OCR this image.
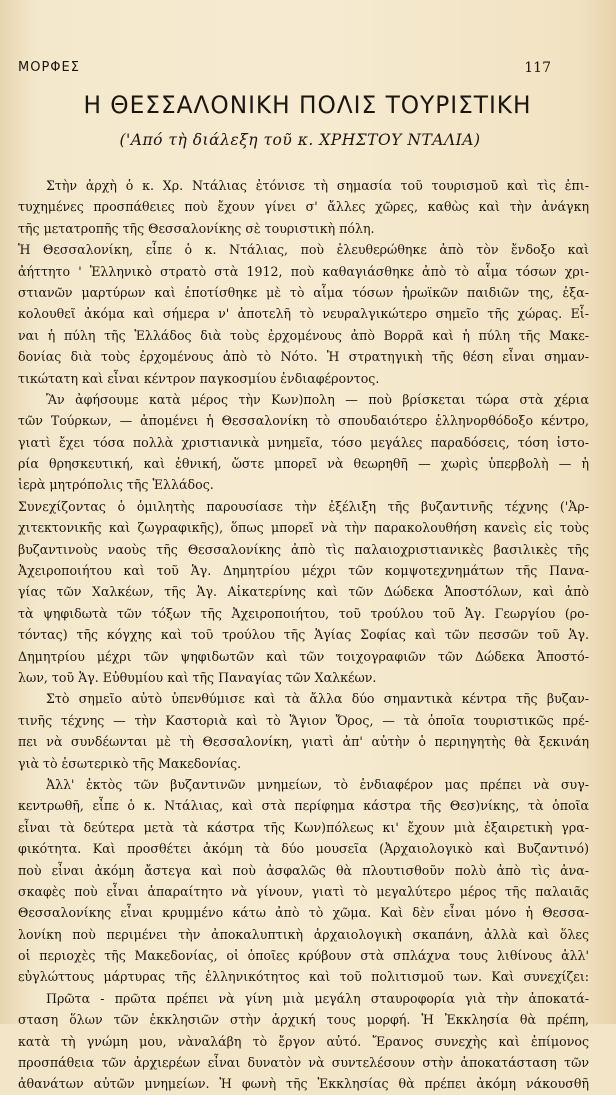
ΜΟΡΦΕΣ	117
Η ΘΕΣΣΑΛΟΝΙΚΗ ΠΟΛΙΣ ΤΟΥΡΙΣΤΙΚΗ
('Από τὴ διάλεξη τοῦ κ. ΧΡΗΣΤΟΥ ΝΤΑΛΙΑ)
Στὴν ἀρχὴ ὁ κ. Χρ. Ντάλιας ἐτόνισε τὴ σημασία τοῦ τουρισμοῦ καὶ τὶς ἐπι-
τυχημένες προσπάθειες ποὺ ἔχουν γίνει σ' ἄλλες χῶρες, καθὼς καὶ τὴν ἀνάγκη
τῆς μετατροπῆς τῆς Θεσσαλονίκης σὲ τουριστικὴ πόλη.
Ἡ Θεσσαλονίκη, εἶπε ὁ κ. Ντάλιας, ποὺ ἐλευθερώθηκε ἀπὸ τὸν ἔνδοξο καὶ
ἀήττητο ' Ἑλληνικὸ στρατὸ στὰ 1912, ποὺ καθαγιάσθηκε ἀπὸ τὸ αἷμα τόσων χρι-
στιανῶν μαρτύρων καὶ ἐποτίσθηκε μὲ τὸ αἷμα τόσων ἡρωϊκῶν παιδιῶν της, ἐξα-
κολουθεῖ ἀκόμα καὶ σήμερα ν' ἀποτελῆ τὸ νευραλγικώτερο σημεῖο τῆς χώρας. Εἶ-
ναι ἡ πύλη τῆς Ἑλλάδος διὰ τοὺς ἐρχομένους ἀπὸ Βορρᾶ καὶ ἡ πύλη τῆς Μακε-
δονίας διὰ τοὺς ἐρχομένους ἀπὸ τὸ Νότο. Ἡ στρατηγικὴ τῆς θέση εἶναι σημαν-
τικώτατη καὶ εἶναι κέντρον παγκοσμίου ἐνδιαφέροντος.
Ἂν ἀφήσουμε κατὰ μέρος τὴν Κων)πολη — ποὺ βρίσκεται τώρα στὰ χέρια
τῶν Τούρκων, — ἀπομένει ἡ Θεσσαλονίκη τὸ σπουδαιότερο ἑλληνορθόδοξο κέντρο,
γιατὶ ἔχει τόσα πολλὰ χριστιανικὰ μνημεῖα, τόσο μεγάλες παραδόσεις, τόση ἱστο-
ρία θρησκευτική, καὶ ἐθνική, ὥστε μπορεῖ νὰ θεωρηθῆ — χωρὶς ὑπερβολὴ — ἡ
ἱερὰ μητρόπολις τῆς Ἑλλάδος.
Συνεχίζοντας ὁ ὁμιλητὴς παρουσίασε τὴν ἐξέλιξη τῆς βυζαντινῆς τέχνης ('Ἀρ-
χιτεκτονικῆς καὶ ζωγραφικῆς), ὅπως μπορεῖ νὰ τὴν παρακολουθήση κανεὶς εἰς τοὺς
βυζαντινοὺς ναοὺς τῆς Θεσσαλονίκης ἀπὸ τὶς παλαιοχριστιανικὲς βασιλικὲς τῆς
Ἀχειροποιήτου καὶ τοῦ Ἁγ. Δημητρίου μέχρι τῶν κομψοτεχνημάτων τῆς Πανα-
γίας τῶν Χαλκέων, τῆς Ἁγ. Αἰκατερίνης καὶ τῶν Δώδεκα Ἀποστόλων, καὶ ἀπὸ
τὰ ψηφιδωτὰ τῶν τόξων τῆς Ἀχειροποιήτου, τοῦ τρούλου τοῦ Ἁγ. Γεωργίου (ρο-
τόντας) τῆς κόγχης καὶ τοῦ τρούλου τῆς Ἁγίας Σοφίας καὶ τῶν πεσσῶν τοῦ Ἁγ.
Δημητρίου μέχρι τῶν ψηφιδωτῶν καὶ τῶν τοιχογραφιῶν τῶν Δώδεκα Ἀποστό-
λων, τοῦ Ἁγ. Εὐθυμίου καὶ τῆς Παναγίας τῶν Χαλκέων.
Στὸ σημεῖο αὐτὸ ὑπενθύμισε καὶ τὰ ἄλλα δύο σημαντικὰ κέντρα τῆς βυζαν-
τινῆς τέχνης — τὴν Καστοριὰ καὶ τὸ Ἅγιον Ὄρος, — τὰ ὁποῖα τουριστικῶς πρέ-
πει νὰ συνδέωνται μὲ τὴ Θεσσαλονίκη, γιατὶ ἀπ' αὐτὴν ὁ περιηγητὴς θὰ ξεκινάη
γιὰ τὸ ἐσωτερικὸ τῆς Μακεδονίας.
Ἀλλ' ἐκτὸς τῶν βυζαντινῶν μνημείων, τὸ ἐνδιαφέρον μας πρέπει νὰ συγ-
κεντρωθῆ, εἶπε ὁ κ. Ντάλιας, καὶ στὰ περίφημα κάστρα τῆς Θεσ)νίκης, τὰ ὁποῖα
εἶναι τὰ δεύτερα μετὰ τὰ κάστρα τῆς Κων)πόλεως κι' ἔχουν μιὰ ἐξαιρετικὴ γρα-
φικότητα. Καὶ προσθέτει ἀκόμη τὰ δύο μουσεῖα (Ἀρχαιολογικὸ καὶ Βυζαντινό)
ποὺ εἶναι ἀκόμη ἄστεγα καὶ ποὺ ἀσφαλῶς θὰ πλουτισθοῦν πολὺ ἀπὸ τὶς ἀνα-
σκαφὲς ποὺ εἶναι ἀπαραίτητο νὰ γίνουν, γιατὶ τὸ μεγαλύτερο μέρος τῆς παλαιᾶς
Θεσσαλονίκης εἶναι κρυμμένο κάτω ἀπὸ τὸ χῶμα. Καὶ δὲν εἶναι μόνο ἡ Θεσσα-
λονίκη ποὺ περιμένει τὴν ἀποκαλυπτικὴ ἀρχαιολογικὴ σκαπάνη, ἀλλὰ καὶ ὅλες
οἱ περιοχὲς τῆς Μακεδονίας, οἱ ὁποῖες κρύβουν στὰ σπλάχνα τους λιθίνους ἀλλ'
εὐγλώττους μάρτυρας τῆς ἑλληνικότητος καὶ τοῦ πολιτισμοῦ των. Καὶ συνεχίζει:
Πρῶτα - πρῶτα πρέπει νὰ γίνη μιὰ μεγάλη σταυροφορία γιὰ τὴν ἀποκατά-
σταση ὅλων τῶν ἐκκλησιῶν στὴν ἀρχική τους μορφή. Ἡ Ἐκκλησία θὰ πρέπη,
κατὰ τὴ γνώμη μου, νὰναλάβη τὸ ἔργον αὐτό. Ἔρανος συνεχὴς καὶ ἐπίμονος
προσπάθεια τῶν ἀρχιερέων εἶναι δυνατὸν νὰ συντελέσουν στὴν ἀποκατάσταση τῶν
ἀθανάτων αὐτῶν μνημείων. Ἡ φωνὴ τῆς Ἐκκλησίας θὰ πρέπει ἀκόμη νάκουσθῆ
